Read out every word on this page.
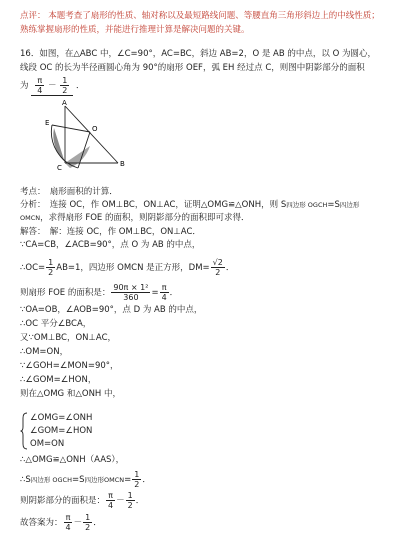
点评： 本题考查了扇形的性质、轴对称以及最短路线问题、等腰直角三角形斜边上的中线性质；
熟练掌握扇形的性质，并能进行推理计算是解决问题的关键。
16．如图，在△ABC 中，∠C=90°，AC=BC，斜边 AB=2，O 是 AB 的中点，以 O 为圆心，
线段 OC 的长为半径画圆心角为 90°的扇形 OEF，弧 EH 经过点 C，则图中阴影部分的面积
为 $\frac{\pi}{4} - \frac{1}{2}$ ．
A
E
O
C	B
考点：　扇形面积的计算．
分析：　连接 OC，作 OM⊥BC，ON⊥AC，证明△OMG≌△ONH，则 S四边形 OGCH=S四边形
OMCN，求得扇形 FOE 的面积，则阴影部分的面积即可求得．
解答：　解：连接 OC，作 OM⊥BC，ON⊥AC．
∵CA=CB，∠ACB=90°，点 O 为 AB 的中点，
∴OC= $\frac{1}{2} AB=1$，四边形 OMCN 是正方形，$DM= \frac{√2}{2}$ ．
则扇形 FOE 的面积是： $\frac{\text{90π × 1²}}{360} = \frac{\pi}{4}$ ．
∵OA=OB，∠AOB=90°，点 D 为 AB 的中点，
∴OC 平分∠BCA，
又∵OM⊥BC，ON⊥AC，
∴OM=ON，
∵∠GOH=∠MON=90°，
∴∠GOM=∠HON，
则在△OMG 和△ONH 中，
∠OMG=∠ONH
∠GOM=∠HON
OM=ON
∴△OMG≌△ONH（AAS），
∴S四边形 OGCH=S四边形OMCN= $\frac{1}{2}$ ．
则阴影部分的面积是： $\frac{\pi}{4} - \frac{1}{2}$ ．
故答案为： $\frac{\pi}{4} - \frac{1}{2}$ ．
